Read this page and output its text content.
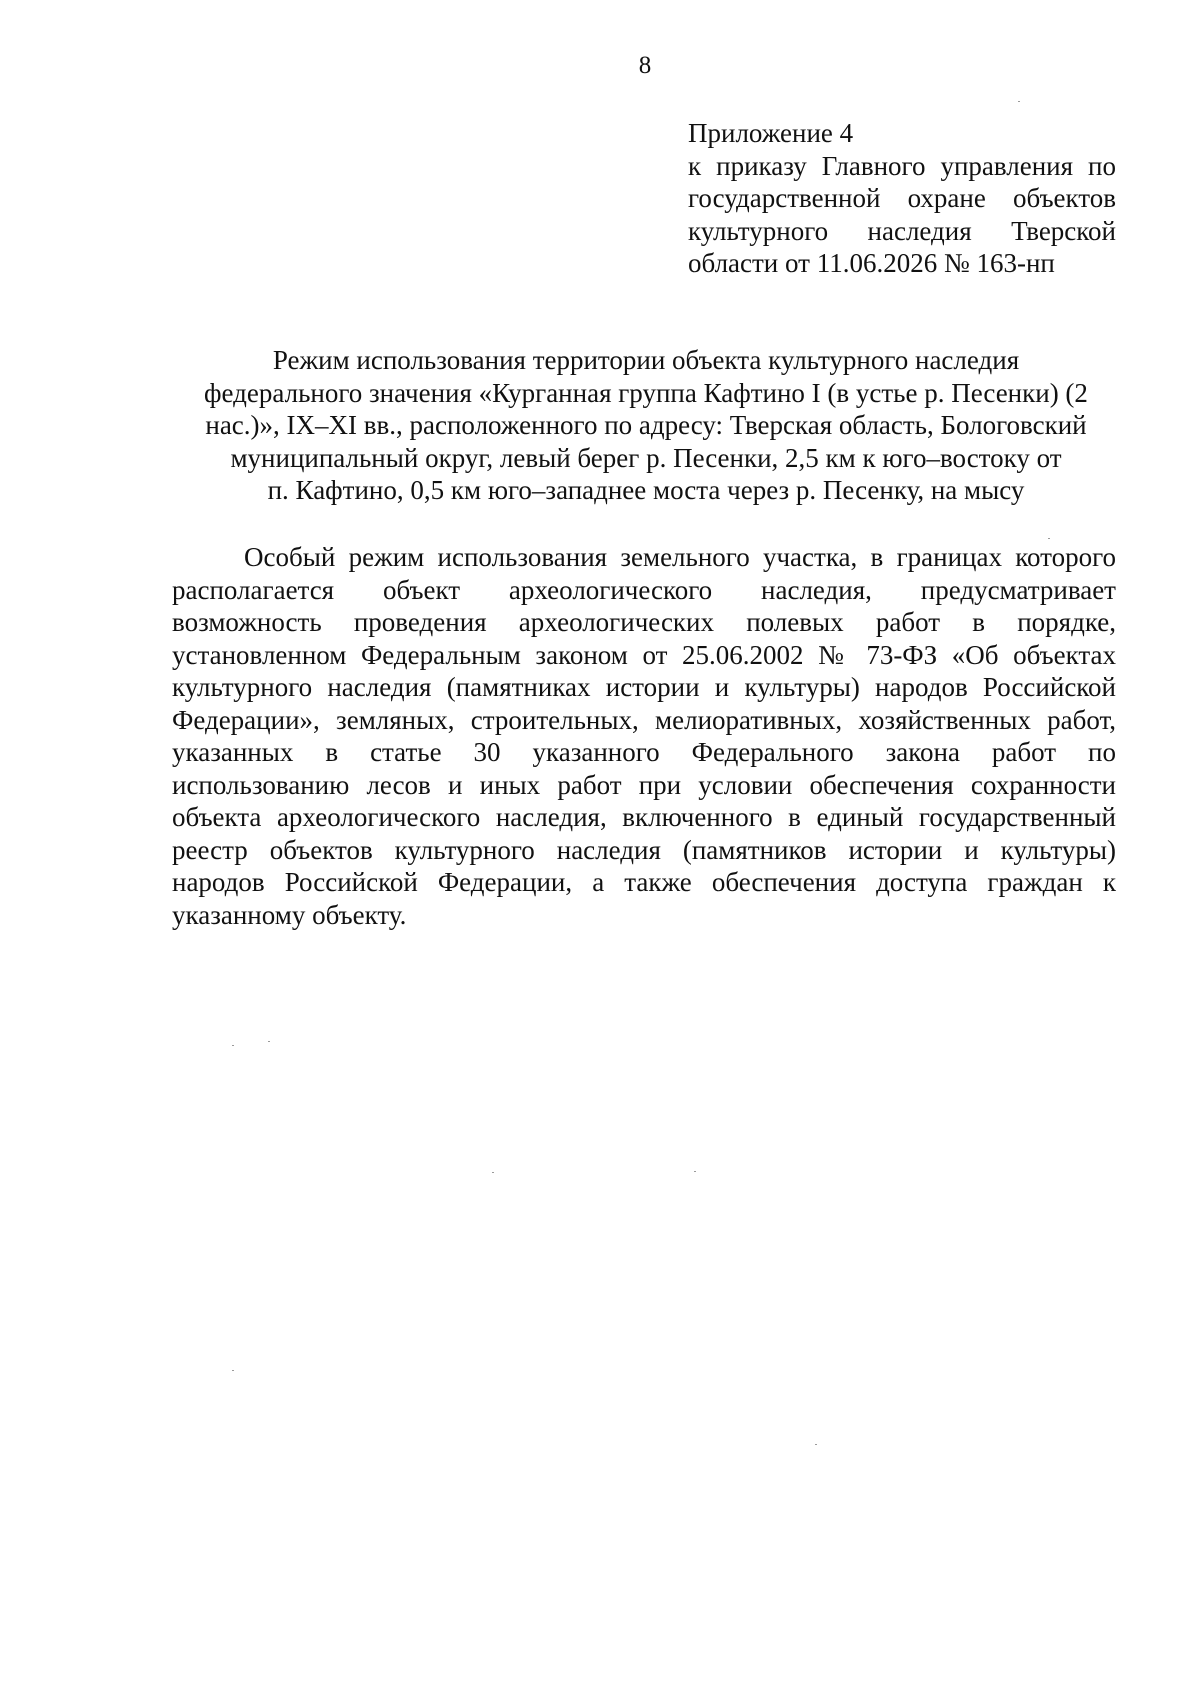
8
Приложение 4
к приказу Главного управления по
государственной охране объектов
культурного наследия Тверской
области от 11.06.2026 № 163-нп
Режим использования территории объекта культурного наследия
федерального значения «Курганная группа Кафтино I (в устье р. Песенки) (2
нас.)», IX–XI вв., расположенного по адресу: Тверская область, Бологовский
муниципальный округ, левый берег р. Песенки, 2,5 км к юго–востоку от
п. Кафтино, 0,5 км юго–западнее моста через р. Песенку, на мысу
Особый режим использования земельного участка, в границах которого
располагается объект археологического наследия, предусматривает
возможность проведения археологических полевых работ в порядке,
установленном Федеральным законом от 25.06.2002 № 73-ФЗ «Об объектах
культурного наследия (памятниках истории и культуры) народов Российской
Федерации», земляных, строительных, мелиоративных, хозяйственных работ,
указанных в статье 30 указанного Федерального закона работ по
использованию лесов и иных работ при условии обеспечения сохранности
объекта археологического наследия, включенного в единый государственный
реестр объектов культурного наследия (памятников истории и культуры)
народов Российской Федерации, а также обеспечения доступа граждан к
указанному объекту.
